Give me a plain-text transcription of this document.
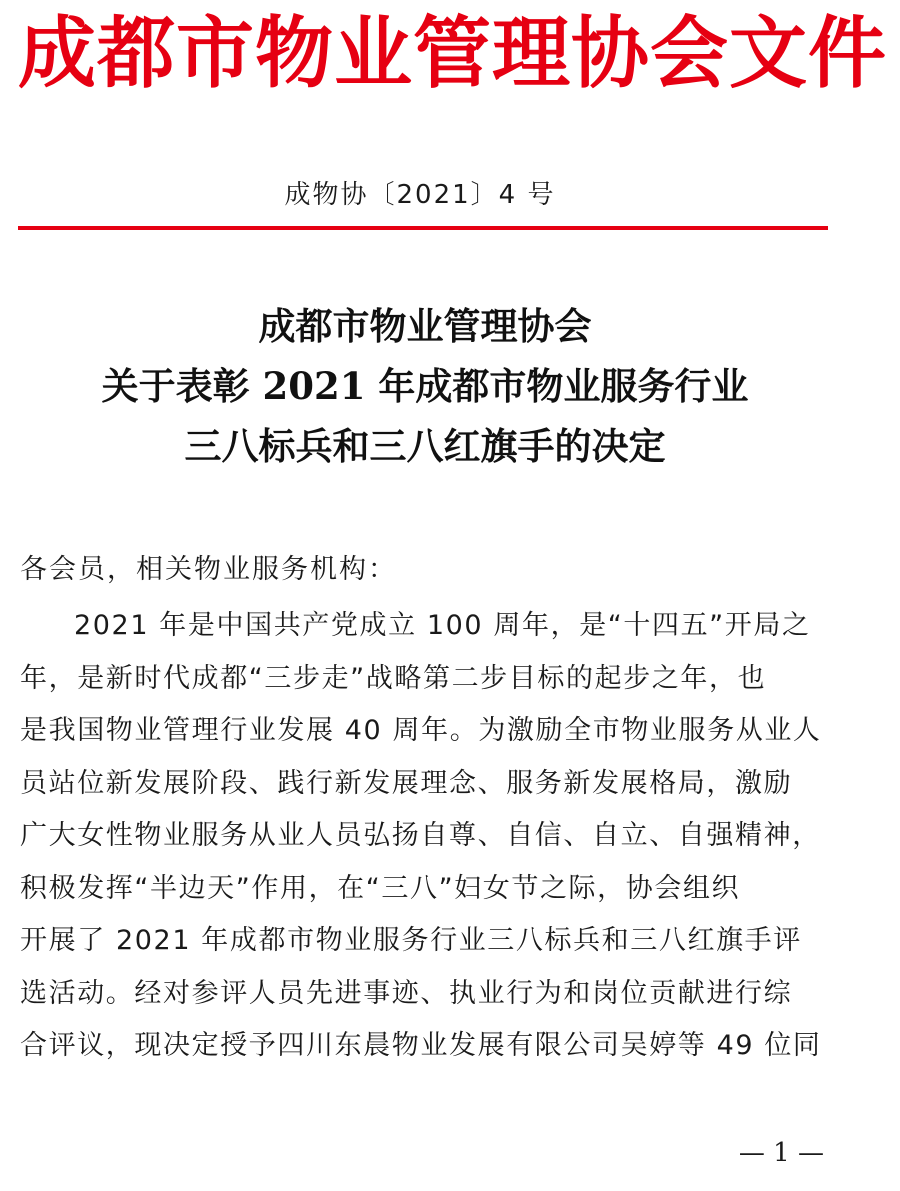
成都市物业管理协会文件
成物协〔2021〕4 号
成都市物业管理协会
关于表彰 2021 年成都市物业服务行业
三八标兵和三八红旗手的决定
各会员，相关物业服务机构：
2021 年是中国共产党成立 100 周年，是“十四五”开局之
年，是新时代成都“三步走”战略第二步目标的起步之年，也
是我国物业管理行业发展 40 周年。为激励全市物业服务从业人
员站位新发展阶段、践行新发展理念、服务新发展格局，激励
广大女性物业服务从业人员弘扬自尊、自信、自立、自强精神，
积极发挥“半边天”作用，在“三八”妇女节之际，协会组织
开展了 2021 年成都市物业服务行业三八标兵和三八红旗手评
选活动。经对参评人员先进事迹、执业行为和岗位贡献进行综
合评议，现决定授予四川东晨物业发展有限公司吴婷等 49 位同
— 1 —
